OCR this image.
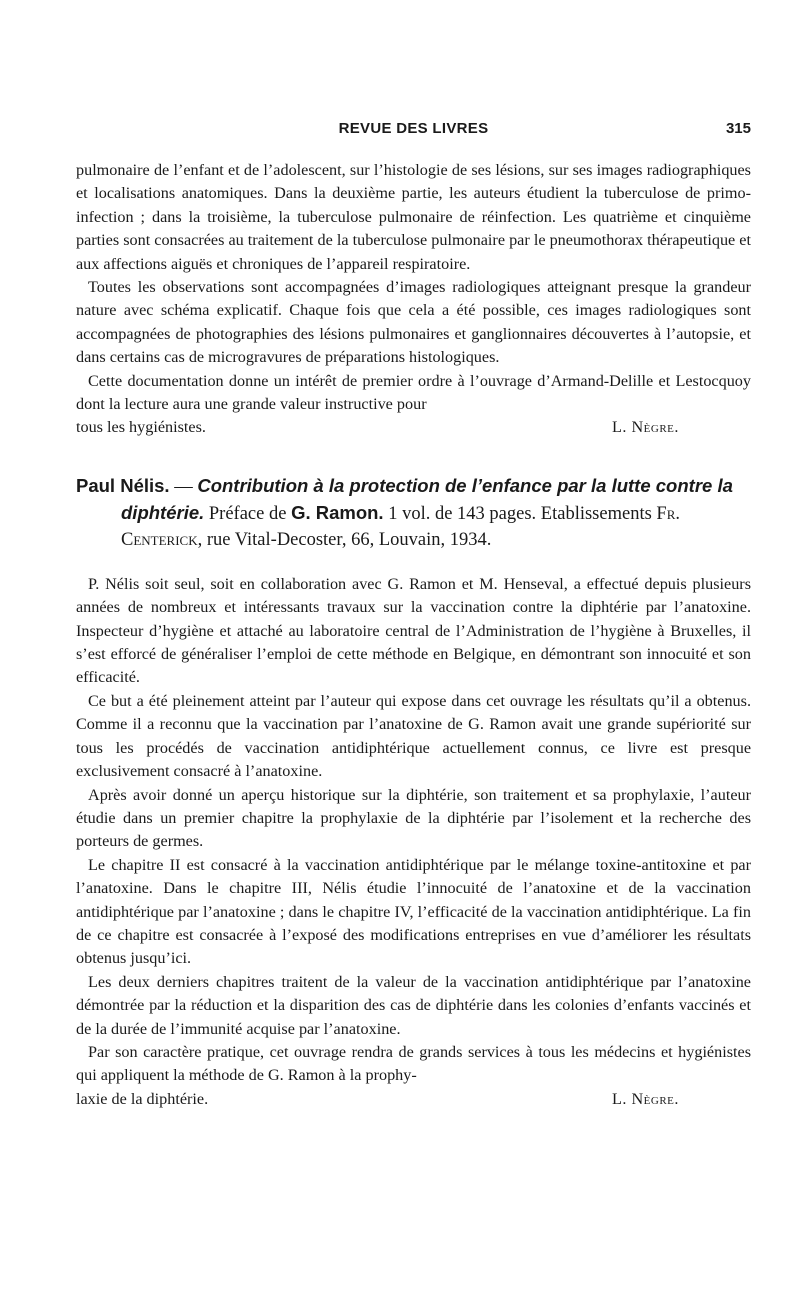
REVUE DES LIVRES	315

pulmonaire de l’enfant et de l’adolescent, sur l’histologie de ses lésions, sur ses images radiographiques et localisations anatomiques. Dans la deuxième partie, les auteurs étudient la tuberculose de primo-infection ; dans la troisième, la tuberculose pulmonaire de réinfection. Les quatrième et cinquième parties sont consacrées au traitement de la tuberculose pulmonaire par le pneumothorax thérapeutique et aux affections aiguës et chroniques de l’appareil respiratoire.

Toutes les observations sont accompagnées d’images radiologiques atteignant presque la grandeur nature avec schéma explicatif. Chaque fois que cela a été possible, ces images radiologiques sont accompagnées de photographies des lésions pulmonaires et ganglionnaires découvertes à l’autopsie, et dans certains cas de microgravures de préparations histologiques.

Cette documentation donne un intérêt de premier ordre à l’ouvrage d’Armand-Delille et Lestocquoy dont la lecture aura une grande valeur instructive pour

tous les hygiénistes.	L. Nègre.

Paul Nélis. — Contribution à la protection de l’enfance par la lutte contre la diphtérie. Préface de G. Ramon. 1 vol. de 143 pages. Etablissements Fr. Centerick, rue Vital-Decoster, 66, Louvain, 1934.

P. Nélis soit seul, soit en collaboration avec G. Ramon et M. Henseval, a effectué depuis plusieurs années de nombreux et intéressants travaux sur la vaccination contre la diphtérie par l’anatoxine. Inspecteur d’hygiène et attaché au laboratoire central de l’Administration de l’hygiène à Bruxelles, il s’est efforcé de généraliser l’emploi de cette méthode en Belgique, en démontrant son innocuité et son efficacité.

Ce but a été pleinement atteint par l’auteur qui expose dans cet ouvrage les résultats qu’il a obtenus. Comme il a reconnu que la vaccination par l’anatoxine de G. Ramon avait une grande supériorité sur tous les procédés de vaccination antidiphtérique actuellement connus, ce livre est presque exclusivement consacré à l’anatoxine.

Après avoir donné un aperçu historique sur la diphtérie, son traitement et sa prophylaxie, l’auteur étudie dans un premier chapitre la prophylaxie de la diphtérie par l’isolement et la recherche des porteurs de germes.

Le chapitre II est consacré à la vaccination antidiphtérique par le mélange toxine-antitoxine et par l’anatoxine. Dans le chapitre III, Nélis étudie l’innocuité de l’anatoxine et de la vaccination antidiphtérique par l’anatoxine ; dans le chapitre IV, l’efficacité de la vaccination antidiphtérique. La fin de ce chapitre est consacrée à l’exposé des modifications entreprises en vue d’améliorer les résultats obtenus jusqu’ici.

Les deux derniers chapitres traitent de la valeur de la vaccination antidiphtérique par l’anatoxine démontrée par la réduction et la disparition des cas de diphtérie dans les colonies d’enfants vaccinés et de la durée de l’immunité acquise par l’anatoxine.

Par son caractère pratique, cet ouvrage rendra de grands services à tous les médecins et hygiénistes qui appliquent la méthode de G. Ramon à la prophy-

laxie de la diphtérie.	L. Nègre.
